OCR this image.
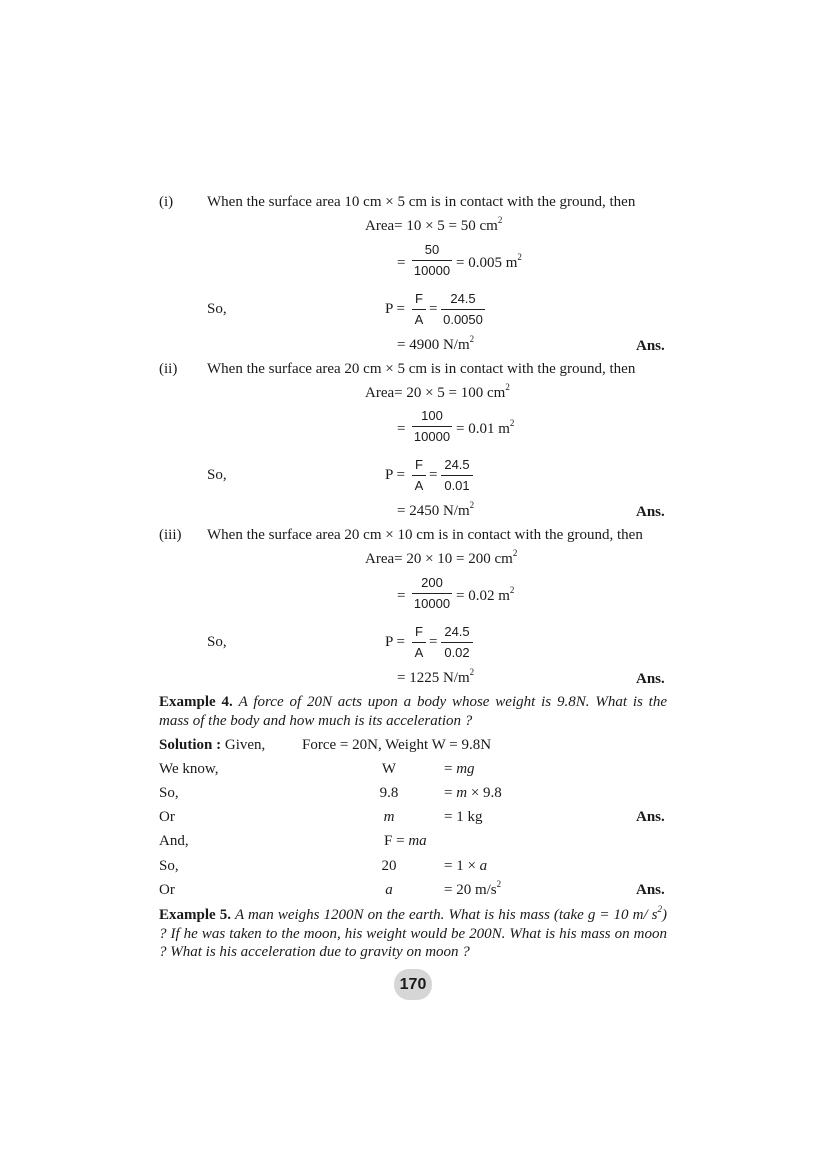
(i) When the surface area 10 cm × 5 cm is in contact with the ground, then
Area= 10 × 5 = 50 $cm^2$
=
50
10000 = 0.005 $m^2$
So,	P =
F
A
=
24.5
0.0050
= 4900 $N/m^2$	Ans.
(ii) When the surface area 20 cm × 5 cm is in contact with the ground, then
Area= 20 × 5 = 100 $cm^2$
=
100
10000 = 0.01 $m^2$
So,	P =
F
A
=
24.5
0.01
= 2450 $N/m^2$	Ans.
(iii) When the surface area 20 cm × 10 cm is in contact with the ground, then
Area= 20 × 10 = 200 $cm^2$
=
200
10000 = 0.02 $m^2$
So,	P =
F
A
=
24.5
0.02
= 1225 $N/m^2$	Ans.
Example 4. A force of 20N acts upon a body whose weight is 9.8N. What is the mass of the body and how much is its acceleration ?
Solution : Given, Force = 20N, Weight W = 9.8N
We know,	W	= mg
So,	9.8	= m × 9.8
Or	m	= 1 kg	Ans.
And,	F = ma
So,	20	= 1 × a
Or	a	= 20 $m/s^2$	Ans.
Example 5. A man weighs 1200N on the earth. What is his mass (take g = 10 m/ $s^2$) ? If he was taken to the moon, his weight would be 200N. What is his mass on moon ? What is his acceleration due to gravity on moon ?
170
